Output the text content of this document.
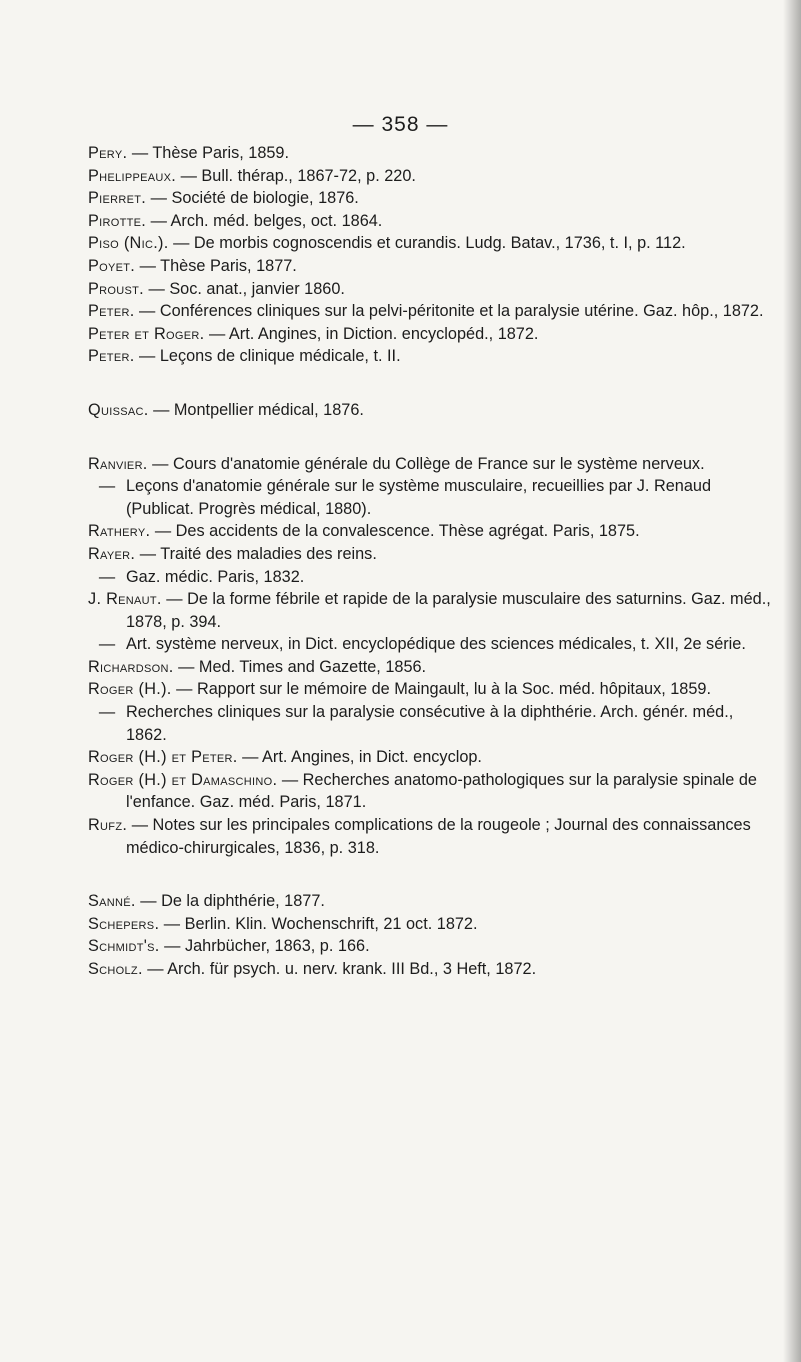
— 358 —
Pery. — Thèse Paris, 1859.
Phelippeaux. — Bull. thérap., 1867-72, p. 220.
Pierret. — Société de biologie, 1876.
Pirotte. — Arch. méd. belges, oct. 1864.
Piso (Nic.). — De morbis cognoscendis et curandis. Ludg. Batav., 1736, t. I, p. 112.
Poyet. — Thèse Paris, 1877.
Proust. — Soc. anat., janvier 1860.
Peter. — Conférences cliniques sur la pelvi-péritonite et la paralysie utérine. Gaz. hôp., 1872.
Peter et Roger. — Art. Angines, in Diction. encyclopéd., 1872.
Peter. — Leçons de clinique médicale, t. II.
Quissac. — Montpellier médical, 1876.
Ranvier. — Cours d'anatomie générale du Collège de France sur le système nerveux.
— Leçons d'anatomie générale sur le système musculaire, recueillies par J. Renaud (Publicat. Progrès médical, 1880).
Rathery. — Des accidents de la convalescence. Thèse agrégat. Paris, 1875.
Rayer. — Traité des maladies des reins.
— Gaz. médic. Paris, 1832.
J. Renaut. — De la forme fébrile et rapide de la paralysie musculaire des saturnins. Gaz. méd., 1878, p. 394.
— Art. système nerveux, in Dict. encyclopédique des sciences médicales, t. XII, 2e série.
Richardson. — Med. Times and Gazette, 1856.
Roger (H.). — Rapport sur le mémoire de Maingault, lu à la Soc. méd. hôpitaux, 1859.
— Recherches cliniques sur la paralysie consécutive à la diphthérie. Arch. génér. méd., 1862.
Roger (H.) et Peter. — Art. Angines, in Dict. encyclop.
Roger (H.) et Damaschino. — Recherches anatomo-pathologiques sur la paralysie spinale de l'enfance. Gaz. méd. Paris, 1871.
Rufz. — Notes sur les principales complications de la rougeole ; Journal des connaissances médico-chirurgicales, 1836, p. 318.
Sanné. — De la diphthérie, 1877.
Schepers. — Berlin. Klin. Wochenschrift, 21 oct. 1872.
Schmidt's. — Jahrbücher, 1863, p. 166.
Scholz. — Arch. für psych. u. nerv. krank. III Bd., 3 Heft, 1872.
